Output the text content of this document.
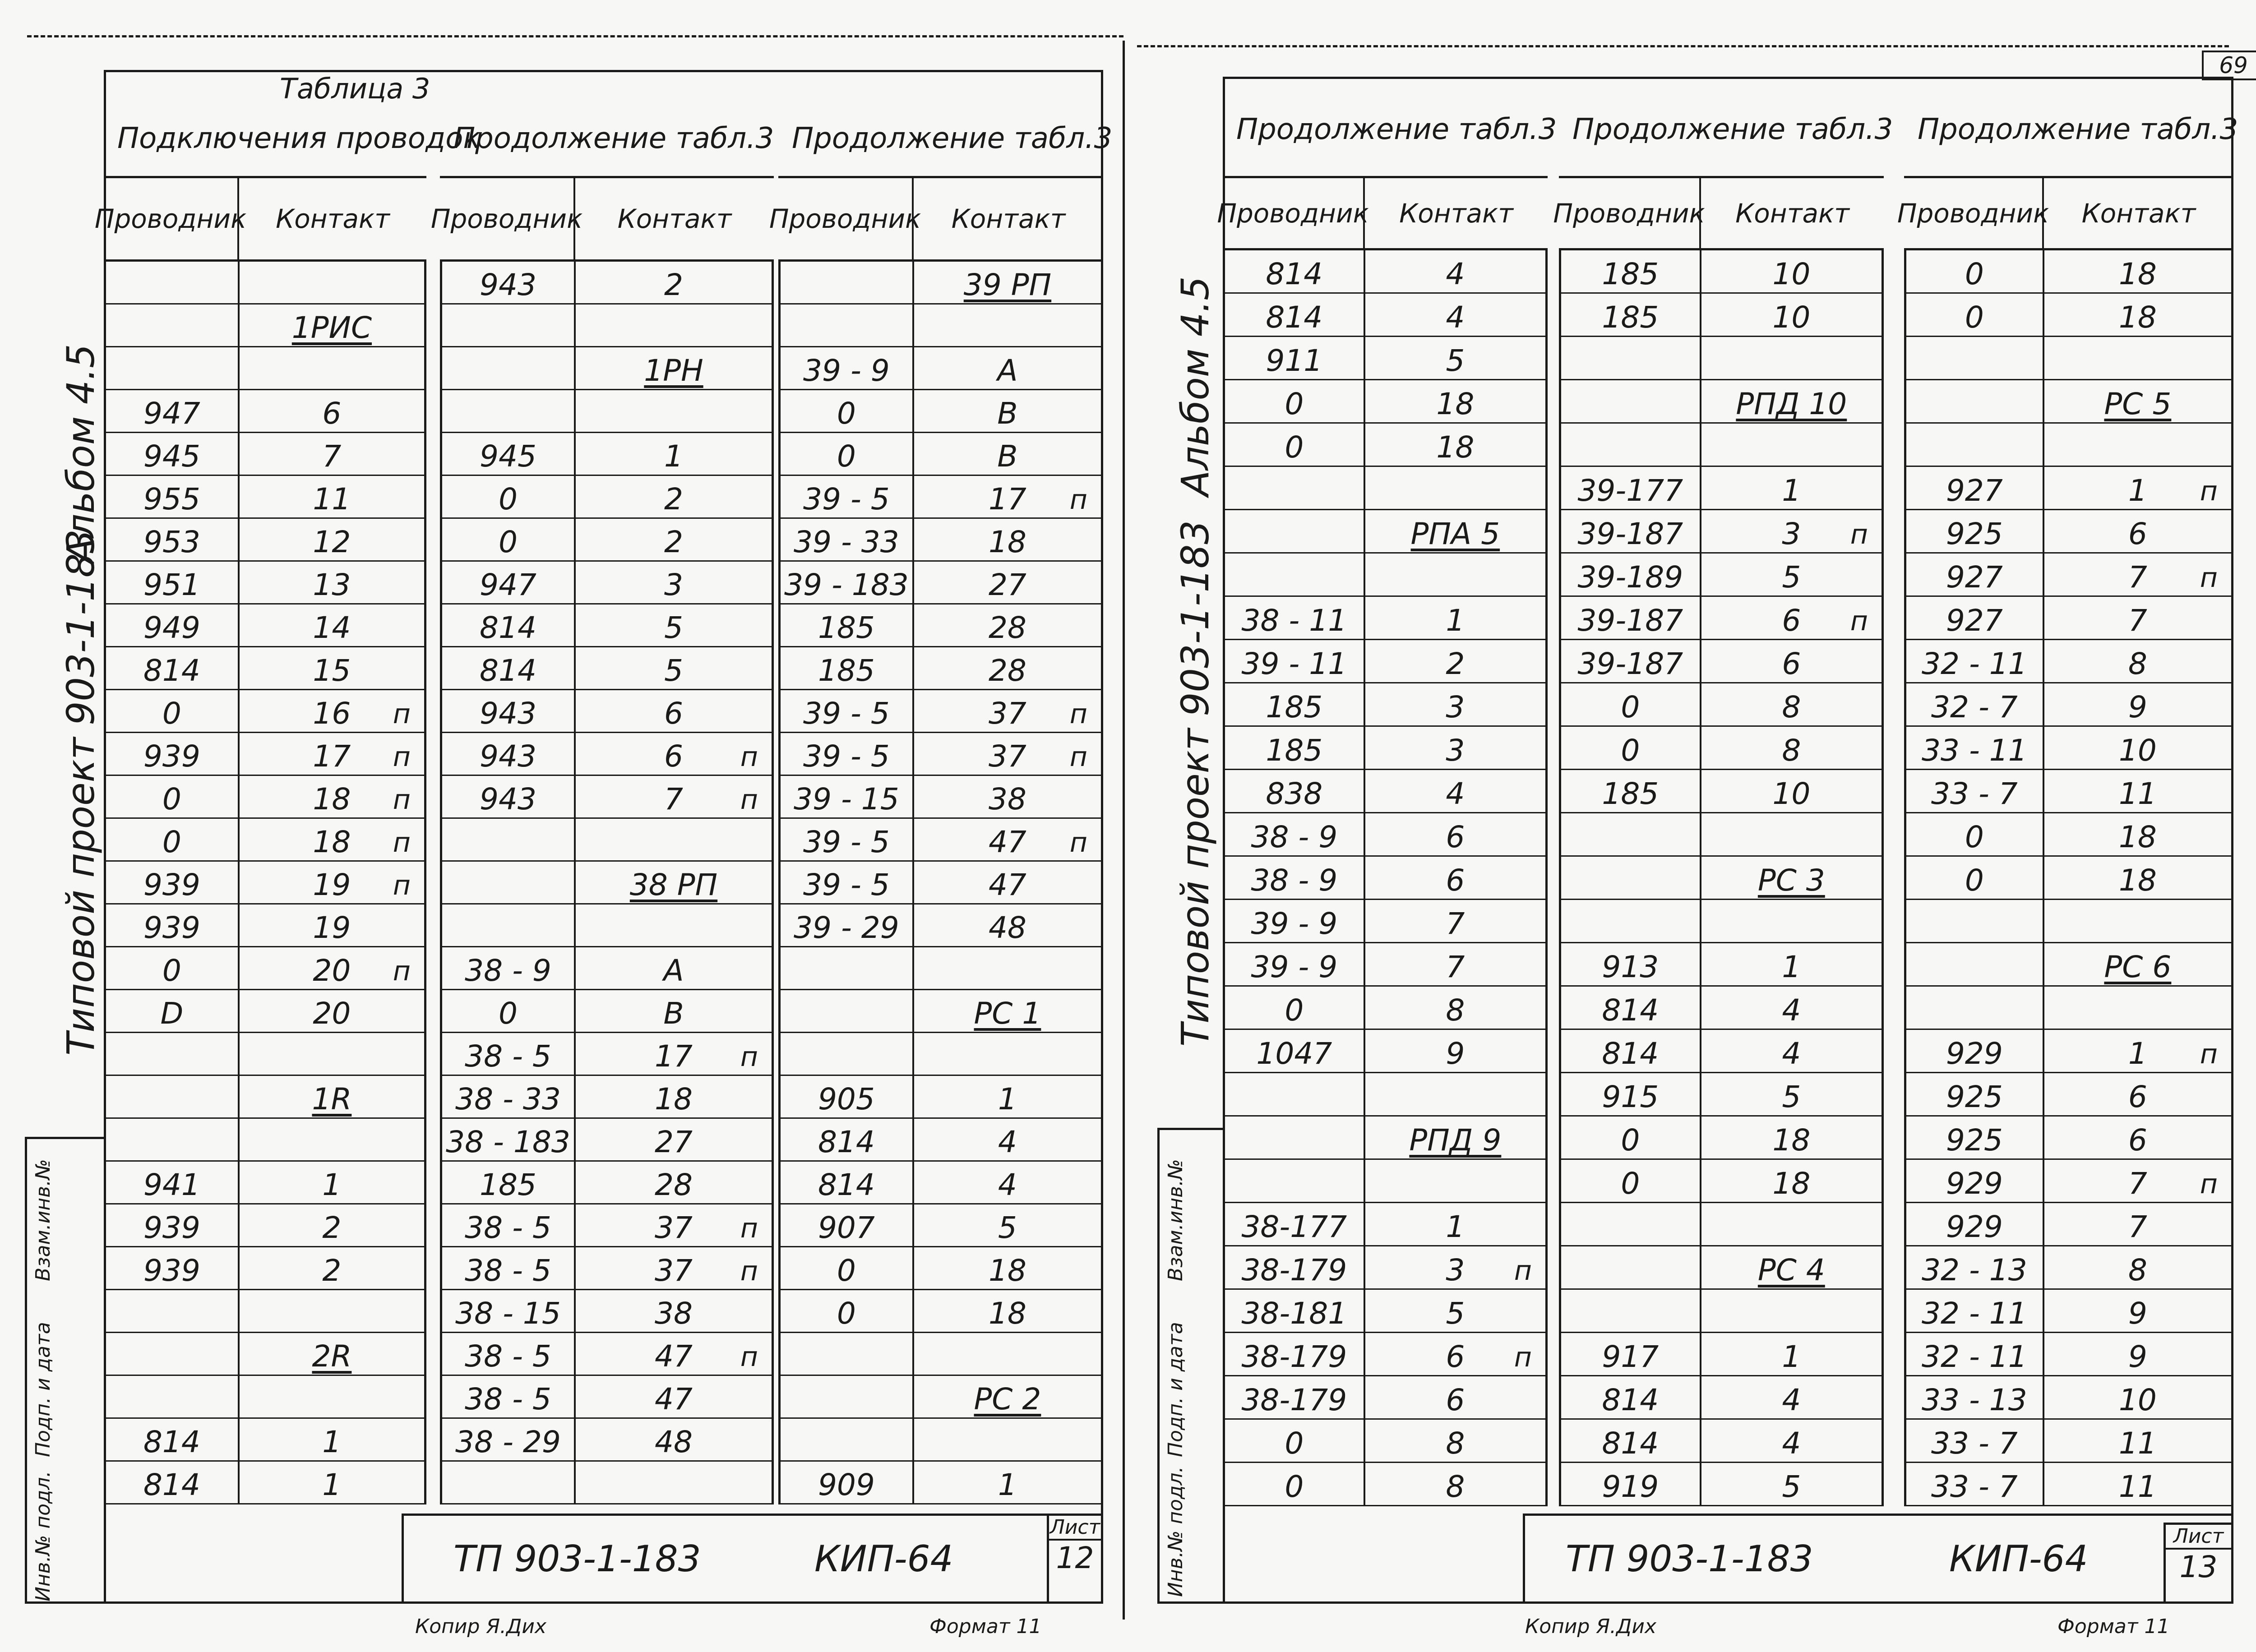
69
Таблица 3
Альбом 4.5
Типовой проект 903-1-183
Инв.№ подл.
Подп. и дата
Взам.инв.№
Подключения проводок
Проводник	Контакт
1РИС
947	6
945	7
955	11
953	12
951	13
949	14
814	15
0	16 п
939	17 п
0	18 п
0	18 п
939	19 п
939	19
0	20 п
D	20
1R
941	1
939	2
939	2
2R
814	1
814	1
Продолжение табл.3
Проводник	Контакт
943	2
1РН
945	1
0	2
0	2
947	3
814	5
814	5
943	6
943	6 п
943	7 п
38 РП
38 - 9	А
0	В
38 - 5	17 п
38 - 33	18
38 - 183	27
185	28
38 - 5	37 п
38 - 5	37 п
38 - 15	38
38 - 5	47 п
38 - 5	47
38 - 29	48
Продолжение табл.3
Проводник	Контакт
39 РП
39 - 9	А
0	В
0	В
39 - 5	17 п
39 - 33	18
39 - 183	27
185	28
185	28
39 - 5	37 п
39 - 5	37 п
39 - 15	38
39 - 5	47 п
39 - 5	47
39 - 29	48
РС 1
905	1
814	4
814	4
907	5
0	18
0	18
РС 2
909	1
ТП 903-1-183	КИП-64
Лист
12
Копир Я.Дих	Формат 11
Альбом 4.5
Типовой проект 903-1-183
Инв.№ подл.
Подп. и дата
Взам.инв.№
Продолжение табл.3
Проводник	Контакт
814	4
814	4
911	5
0	18
0	18
РПА 5
38 - 11	1
39 - 11	2
185	3
185	3
838	4
38 - 9	6
38 - 9	6
39 - 9	7
39 - 9	7
0	8
1047	9
РПД 9
38-177	1
38-179	3 п
38-181	5
38-179	6 п
38-179	6
0	8
0	8
Продолжение табл.3
Проводник	Контакт
185	10
185	10
РПД 10
39-177	1
39-187	3 п
39-189	5
39-187	6 п
39-187	6
0	8
0	8
185	10
РС 3
913	1
814	4
814	4
915	5
0	18
0	18
РС 4
917	1
814	4
814	4
919	5
Продолжение табл.3
Проводник	Контакт
0	18
0	18
РС 5
927	1 п
925	6
927	7 п
927	7
32 - 11	8
32 - 7	9
33 - 11	10
33 - 7	11
0	18
0	18
РС 6
929	1 п
925	6
925	6
929	7 п
929	7
32 - 13	8
32 - 11	9
32 - 11	9
33 - 13	10
33 - 7	11
33 - 7	11
ТП 903-1-183	КИП-64
Лист
13
Копир Я.Дих	Формат 11
